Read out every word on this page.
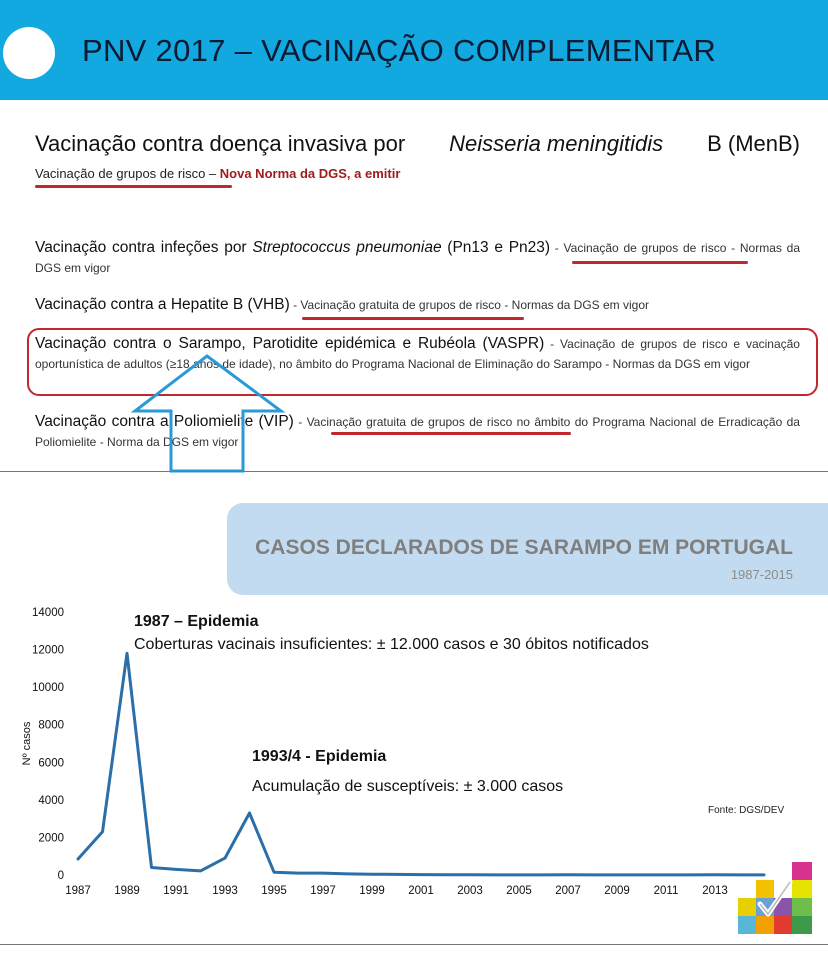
PNV 2017 – VACINAÇÃO COMPLEMENTAR
Vacinação contra doença invasiva por Neisseria meningitidis B (MenB)
Vacinação de grupos de risco – Nova Norma da DGS, a emitir
Vacinação contra infeções por Streptococcus pneumoniae (Pn13 e Pn23) - Vacinação de grupos de risco - Normas da DGS em vigor
Vacinação contra a Hepatite B (VHB) - Vacinação gratuita de grupos de risco - Normas da DGS em vigor
Vacinação contra o Sarampo, Parotidite epidémica e Rubéola (VASPR) - Vacinação de grupos de risco e vacinação oportunística de adultos (≥18 anos de idade), no âmbito do Programa Nacional de Eliminação do Sarampo - Normas da DGS em vigor
Vacinação contra a Poliomielite (VIP) - Vacinação gratuita de grupos de risco no âmbito do Programa Nacional de Erradicação da Poliomielite - Norma da DGS em vigor
CASOS DECLARADOS DE SARAMPO EM PORTUGAL
1987-2015
0
2000
4000
6000
8000
10000
12000
14000
Nº casos
1987 1989 1991 1993 1995 1997 1999 2001 2003 2005 2007 2009 2011 2013
1987 – Epidemia
Coberturas vacinais insuficientes: ± 12.000 casos e 30 óbitos notificados
1993/4 - Epidemia
Acumulação de susceptíveis: ± 3.000 casos
Fonte: DGS/DEV
